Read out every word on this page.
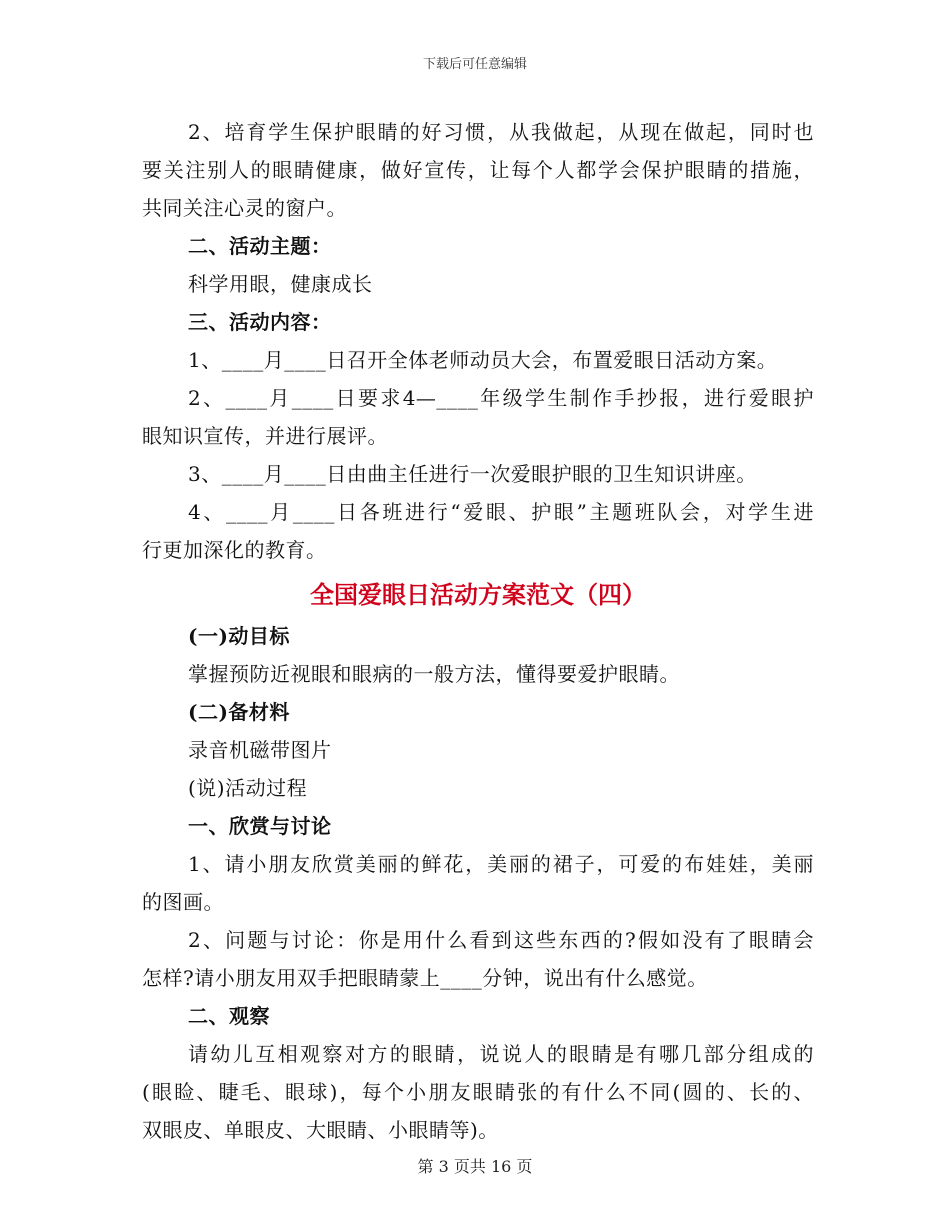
下载后可任意编辑
2、培育学生保护眼睛的好习惯，从我做起，从现在做起，同时也
要关注别人的眼睛健康，做好宣传，让每个人都学会保护眼睛的措施，
共同关注心灵的窗户。
二、活动主题：
科学用眼，健康成长
三、活动内容：
1、____月____日召开全体老师动员大会，布置爱眼日活动方案。
2、____月____日要求4—____年级学生制作手抄报，进行爱眼护
眼知识宣传，并进行展评。
3、____月____日由曲主任进行一次爱眼护眼的卫生知识讲座。
4、____月____日各班进行“爱眼、护眼”主题班队会，对学生进
行更加深化的教育。
全国爱眼日活动方案范文（四）
(一)动目标
掌握预防近视眼和眼病的一般方法，懂得要爱护眼睛。
(二)备材料
录音机磁带图片
(说)活动过程
一、欣赏与讨论
1、请小朋友欣赏美丽的鲜花，美丽的裙子，可爱的布娃娃，美丽
的图画。
2、问题与讨论：你是用什么看到这些东西的?假如没有了眼睛会
怎样?请小朋友用双手把眼睛蒙上____分钟，说出有什么感觉。
二、观察
请幼儿互相观察对方的眼睛，说说人的眼睛是有哪几部分组成的
(眼睑、睫毛、眼球)，每个小朋友眼睛张的有什么不同(圆的、长的、
双眼皮、单眼皮、大眼睛、小眼睛等)。
第 3 页共 16 页
